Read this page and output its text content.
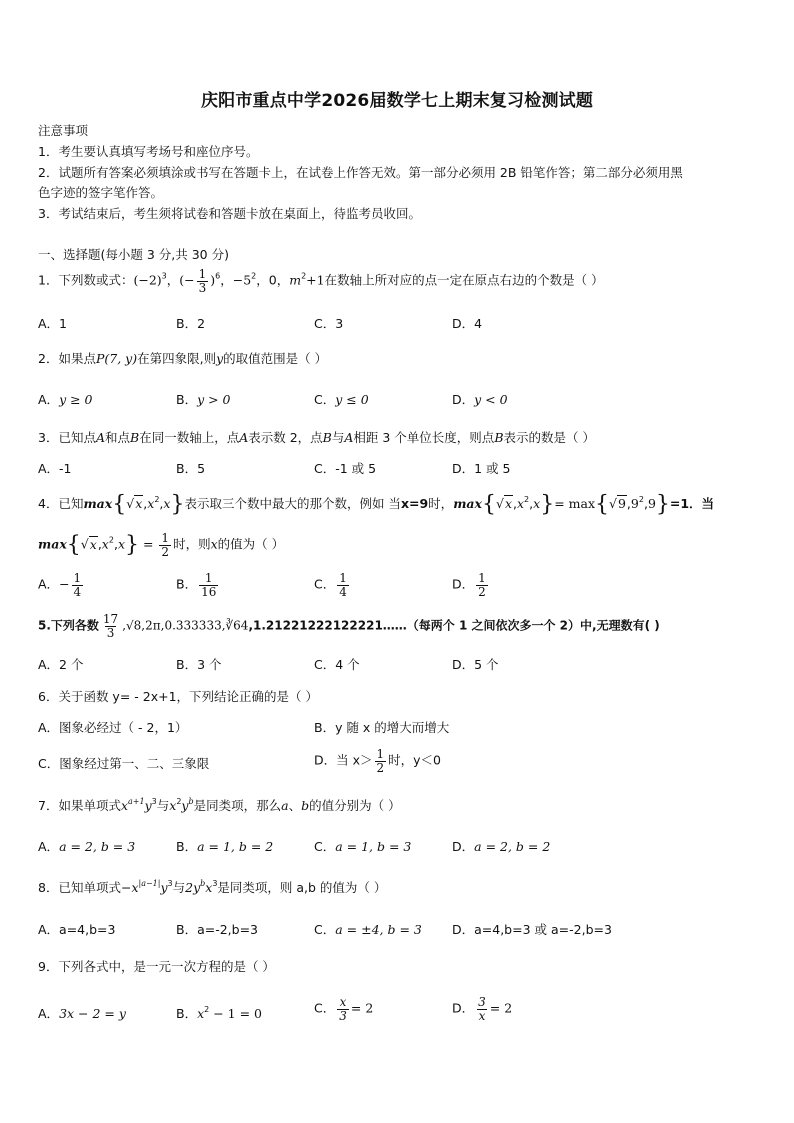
庆阳市重点中学2026届数学七上期末复习检测试题
注意事项
1．考生要认真填写考场号和座位序号。
2．试题所有答案必须填涂或书写在答题卡上，在试卷上作答无效。第一部分必须用 2B 铅笔作答；第二部分必须用黑
色字迹的签字笔作答。
3．考试结束后，考生须将试卷和答题卡放在桌面上，待监考员收回。
一、选择题(每小题 3 分,共 30 分)
1．下列数或式：$(-2)^3$，(− $\frac{1}{3} )^6$，$-5^2$，0，$m^2+1$在数轴上所对应的点一定在原点右边的个数是（ ）
A．1	B．2	C．3	D．4
2．如果点P(7, y)在第四象限,则y的取值范围是（ ）
A．y ≥ 0	B．y > 0	C．y ≤ 0	D．y < 0
3．已知点A和点B在同一数轴上，点A表示数 2，点B与A相距 3 个单位长度，则点B表示的数是（ ）
A．-1	B．5	C．-1 或 5	D．1 或 5
4．已知$\max\{√x,x^2,x\}$表示取三个数中最大的那个数，例如 当x=9时，$\max\{√x,x^2,x\}= \max\{√9,9^2,9\}=1$．当
$\max\{√x,x^2,x\} = \frac{1}{2}$ 时，则x的值为（ ）
A．− $\frac{1}{4}$	B． $\frac{1}{16}$	C． $\frac{1}{4}$	D． $\frac{1}{2}$
5.下列各数 $\frac{17}{3}$ ,√8,2π,0.333333,∛64,1.21221222122221……（每两个 1 之间依次多一个 2）中,无理数有( )
A．2 个	B．3 个	C．4 个	D．5 个
6．关于函数 y= - 2x+1，下列结论正确的是（ ）
A．图象必经过（ - 2，1）	B．y 随 x 的增大而增大
C．图象经过第一、二、三象限	D．当 $x> \frac{1}{2}$ 时，y＜0
7．如果单项式$x^{a+1}y^3$与$x^2y^b$是同类项，那么a、b的值分别为（ ）
A．a = 2, b = 3	B．a = 1, b = 2	C．a = 1, b = 3	D．a = 2, b = 2
8．已知单项式$-x^{|a-1|}y^3$与$2y^bx^3$是同类项，则 a,b 的值为（ ）
A．a=4,b=3	B．a=-2,b=3	C．a = ±4, b = 3 D．a=4,b=3 或 a=-2,b=3
9．下列各式中，是一元一次方程的是（ ）
A．3x − 2 = y	B．$x^2 - 1 = 0$	C． $\frac{x}{3} = 2$	D． $\frac{3}{x} = 2$
